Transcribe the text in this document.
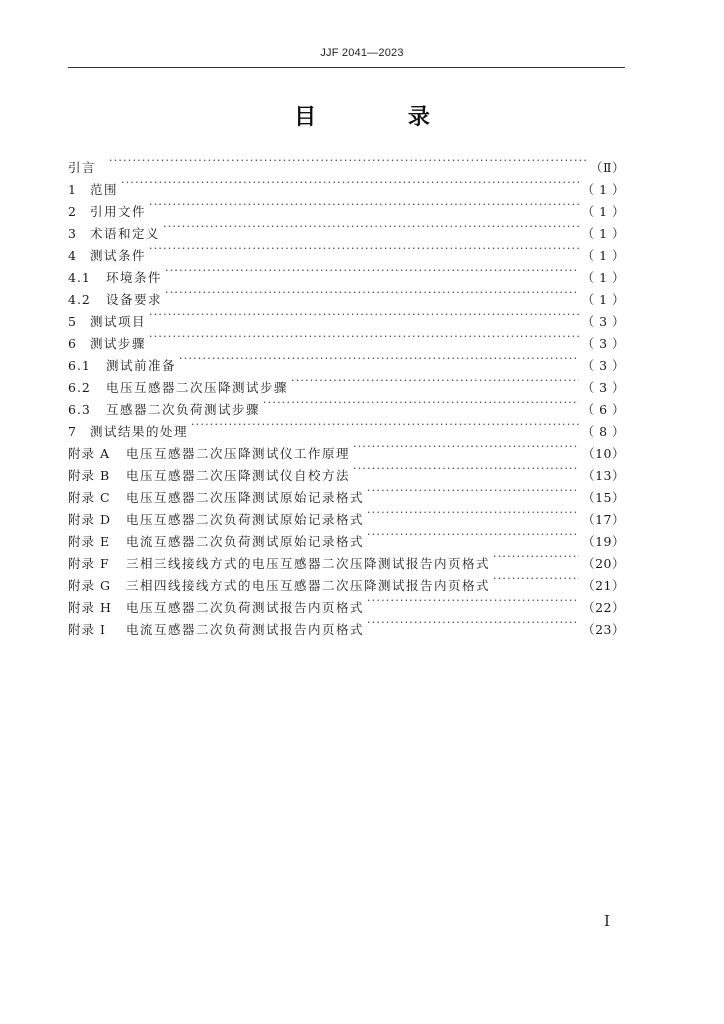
JJF 2041—2023
目 录
引言 ·····	（Ⅱ）
1	范围 ·····	（ 1 ）
2	引用文件 ·····	（ 1 ）
3	术语和定义 ·····	（ 1 ）
4	测试条件 ·····	（ 1 ）
4.1	环境条件 ·····	（ 1 ）
4.2	设备要求 ·····	（ 1 ）
5	测试项目 ·····	（ 3 ）
6	测试步骤 ·····	（ 3 ）
6.1	测试前准备 ·····	（ 3 ）
6.2	电压互感器二次压降测试步骤 ·····	（ 3 ）
6.3	互感器二次负荷测试步骤 ·····	（ 6 ）
7	测试结果的处理 ·····	（ 8 ）
附录 A	电压互感器二次压降测试仪工作原理 ·····	（10）
附录 B	电压互感器二次压降测试仪自校方法 ·····	（13）
附录 C	电压互感器二次压降测试原始记录格式 ·····	（15）
附录 D	电压互感器二次负荷测试原始记录格式 ·····	（17）
附录 E	电流互感器二次负荷测试原始记录格式 ·····	（19）
附录 F	三相三线接线方式的电压互感器二次压降测试报告内页格式 ·····	（20）
附录 G	三相四线接线方式的电压互感器二次压降测试报告内页格式 ·····	（21）
附录 H	电压互感器二次负荷测试报告内页格式 ·····	（22）
附录 I	电流互感器二次负荷测试报告内页格式 ·····	（23）
I
